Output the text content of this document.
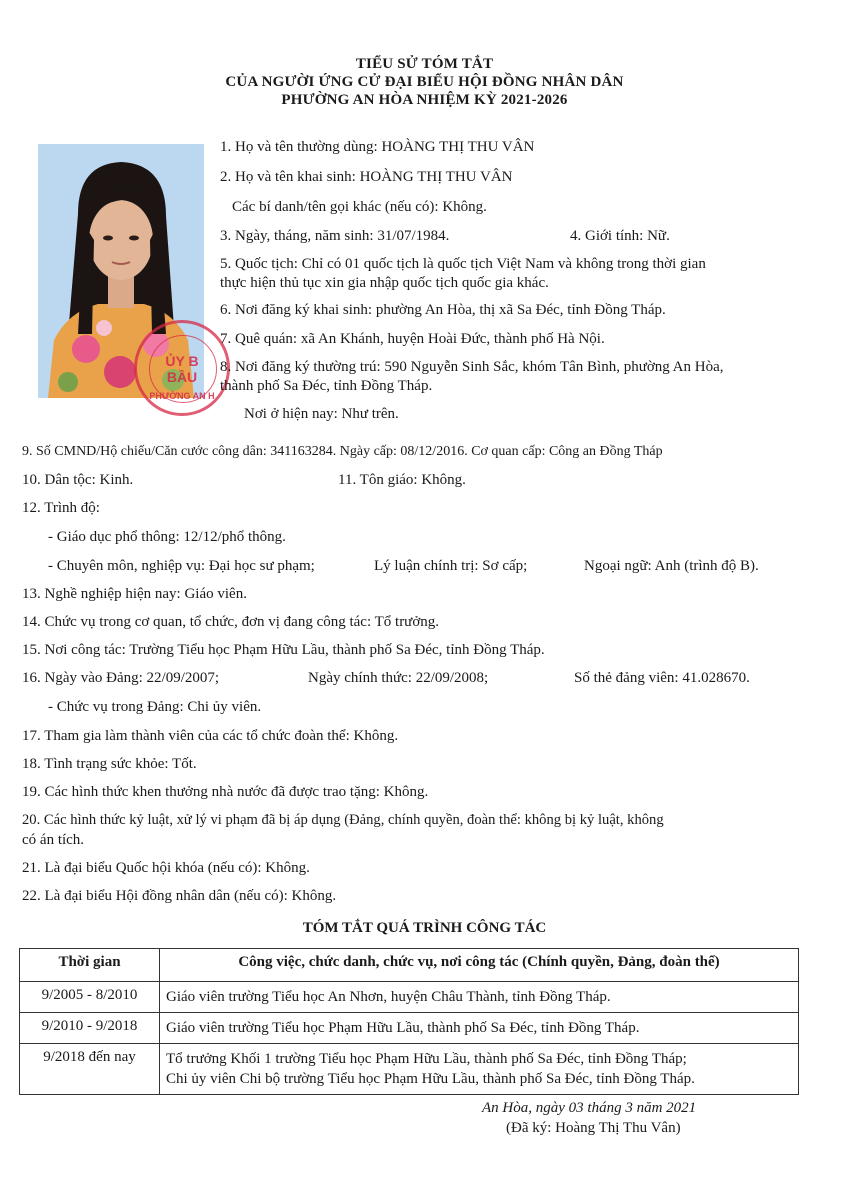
TIỂU SỬ TÓM TẮT
CỦA NGƯỜI ỨNG CỬ ĐẠI BIỂU HỘI ĐỒNG NHÂN DÂN
PHƯỜNG AN HÒA NHIỆM KỲ 2021-2026
ỦY B
BẦU
PHƯỜNG AN H
1. Họ và tên thường dùng: HOÀNG THỊ THU VÂN
2. Họ và tên khai sinh: HOÀNG THỊ THU VÂN
Các bí danh/tên gọi khác (nếu có): Không.
3. Ngày, tháng, năm sinh: 31/07/1984.	4. Giới tính: Nữ.
5. Quốc tịch: Chỉ có 01 quốc tịch là quốc tịch Việt Nam và không trong thời gian
thực hiện thủ tục xin gia nhập quốc tịch quốc gia khác.
6. Nơi đăng ký khai sinh: phường An Hòa, thị xã Sa Đéc, tỉnh Đồng Tháp.
7. Quê quán: xã An Khánh, huyện Hoài Đức, thành phố Hà Nội.
8. Nơi đăng ký thường trú: 590 Nguyễn Sinh Sắc, khóm Tân Bình, phường An Hòa,
thành phố Sa Đéc, tỉnh Đồng Tháp.
Nơi ở hiện nay: Như trên.
9. Số CMND/Hộ chiếu/Căn cước công dân: 341163284. Ngày cấp: 08/12/2016. Cơ quan cấp: Công an Đồng Tháp
10. Dân tộc: Kinh.	11. Tôn giáo: Không.
12. Trình độ:
- Giáo dục phổ thông: 12/12/phổ thông.
- Chuyên môn, nghiệp vụ: Đại học sư phạm;	Lý luận chính trị: Sơ cấp;	Ngoại ngữ: Anh (trình độ B).
13. Nghề nghiệp hiện nay: Giáo viên.
14. Chức vụ trong cơ quan, tổ chức, đơn vị đang công tác: Tổ trưởng.
15. Nơi công tác: Trường Tiểu học Phạm Hữu Lầu, thành phố Sa Đéc, tỉnh Đồng Tháp.
16. Ngày vào Đảng: 22/09/2007;	Ngày chính thức: 22/09/2008;	Số thẻ đảng viên: 41.028670.
- Chức vụ trong Đảng: Chi ủy viên.
17. Tham gia làm thành viên của các tổ chức đoàn thể: Không.
18. Tình trạng sức khỏe: Tốt.
19. Các hình thức khen thưởng nhà nước đã được trao tặng: Không.
20. Các hình thức kỷ luật, xử lý vi phạm đã bị áp dụng (Đảng, chính quyền, đoàn thể: không bị kỷ luật, không
có án tích.
21. Là đại biểu Quốc hội khóa (nếu có): Không.
22. Là đại biểu Hội đồng nhân dân (nếu có): Không.
TÓM TẮT QUÁ TRÌNH CÔNG TÁC
Thời gian	Công việc, chức danh, chức vụ, nơi công tác (Chính quyền, Đảng, đoàn thể)
9/2005 - 8/2010	Giáo viên trường Tiểu học An Nhơn, huyện Châu Thành, tỉnh Đồng Tháp.
9/2010 - 9/2018	Giáo viên trường Tiểu học Phạm Hữu Lầu, thành phố Sa Đéc, tỉnh Đồng Tháp.
9/2018 đến nay	Tổ trưởng Khối 1 trường Tiểu học Phạm Hữu Lầu, thành phố Sa Đéc, tỉnh Đồng Tháp;
Chi ủy viên Chi bộ trường Tiểu học Phạm Hữu Lầu, thành phố Sa Đéc, tỉnh Đồng Tháp.
An Hòa, ngày 03 tháng 3 năm 2021
(Đã ký: Hoàng Thị Thu Vân)
